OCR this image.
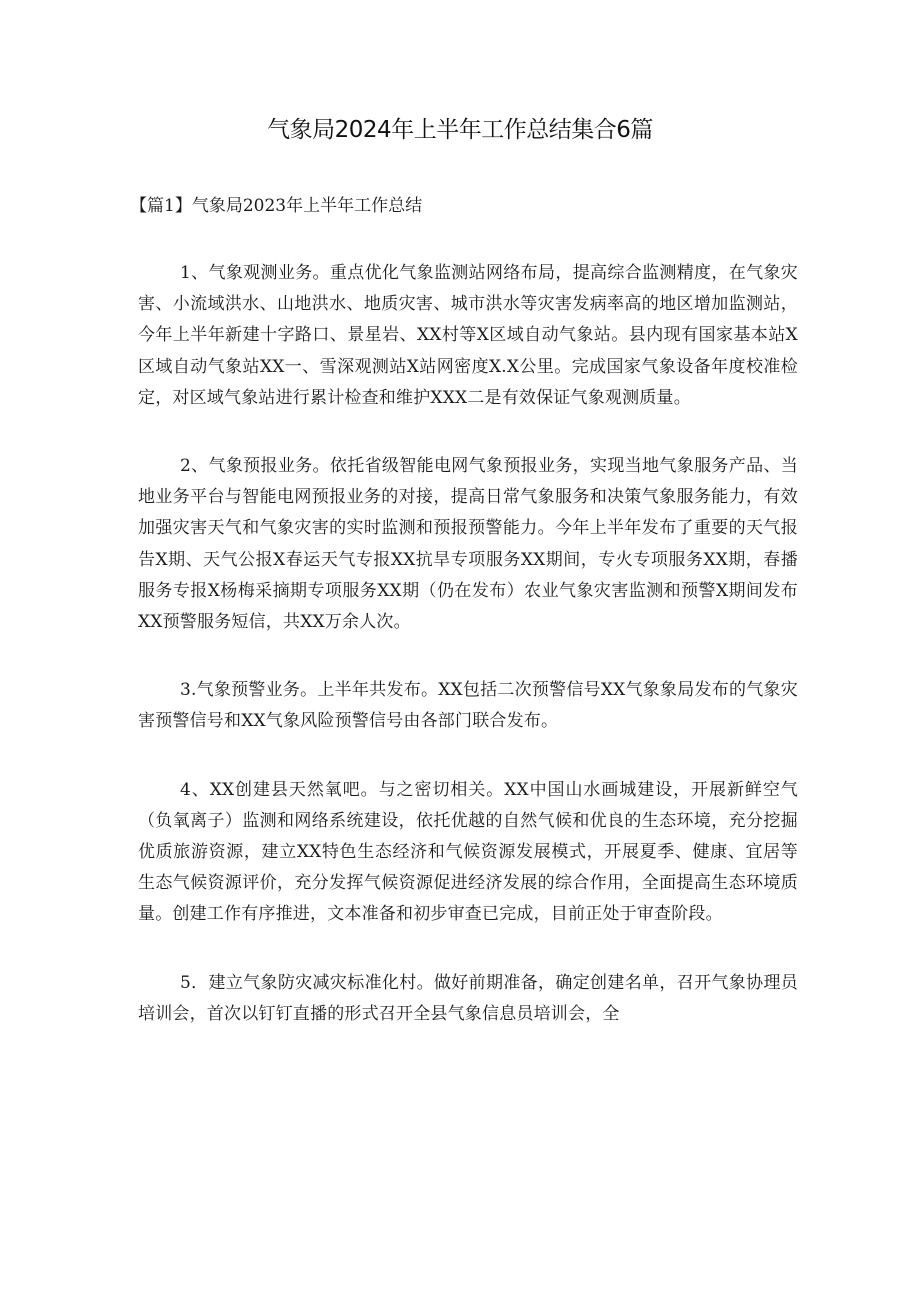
气象局2024年上半年工作总结集合6篇

【篇1】气象局2023年上半年工作总结

1、气象观测业务。重点优化气象监测站网络布局，提高综合监测精度，在气象灾害、小流域洪水、山地洪水、地质灾害、城市洪水等灾害发病率高的地区增加监测站，今年上半年新建十字路口、景星岩、XX村等X区域自动气象站。县内现有国家基本站X区域自动气象站XX一、雪深观测站X站网密度X.X公里。完成国家气象设备年度校准检定，对区域气象站进行累计检查和维护XXX二是有效保证气象观测质量。

2、气象预报业务。依托省级智能电网气象预报业务，实现当地气象服务产品、当地业务平台与智能电网预报业务的对接，提高日常气象服务和决策气象服务能力，有效加强灾害天气和气象灾害的实时监测和预报预警能力。今年上半年发布了重要的天气报告X期、天气公报X春运天气专报XX抗旱专项服务XX期间，专火专项服务XX期，春播服务专报X杨梅采摘期专项服务XX期（仍在发布）农业气象灾害监测和预警X期间发布XX预警服务短信，共XX万余人次。

3.气象预警业务。上半年共发布。XX包括二次预警信号XX气象象局发布的气象灾害预警信号和XX气象风险预警信号由各部门联合发布。

4、XX创建县天然氧吧。与之密切相关。XX中国山水画城建设，开展新鲜空气（负氧离子）监测和网络系统建设，依托优越的自然气候和优良的生态环境，充分挖掘优质旅游资源，建立XX特色生态经济和气候资源发展模式，开展夏季、健康、宜居等生态气候资源评价，充分发挥气候资源促进经济发展的综合作用，全面提高生态环境质量。创建工作有序推进，文本准备和初步审查已完成，目前正处于审查阶段。

5．建立气象防灾减灾标准化村。做好前期准备，确定创建名单，召开气象协理员培训会，首次以钉钉直播的形式召开全县气象信息员培训会，全
